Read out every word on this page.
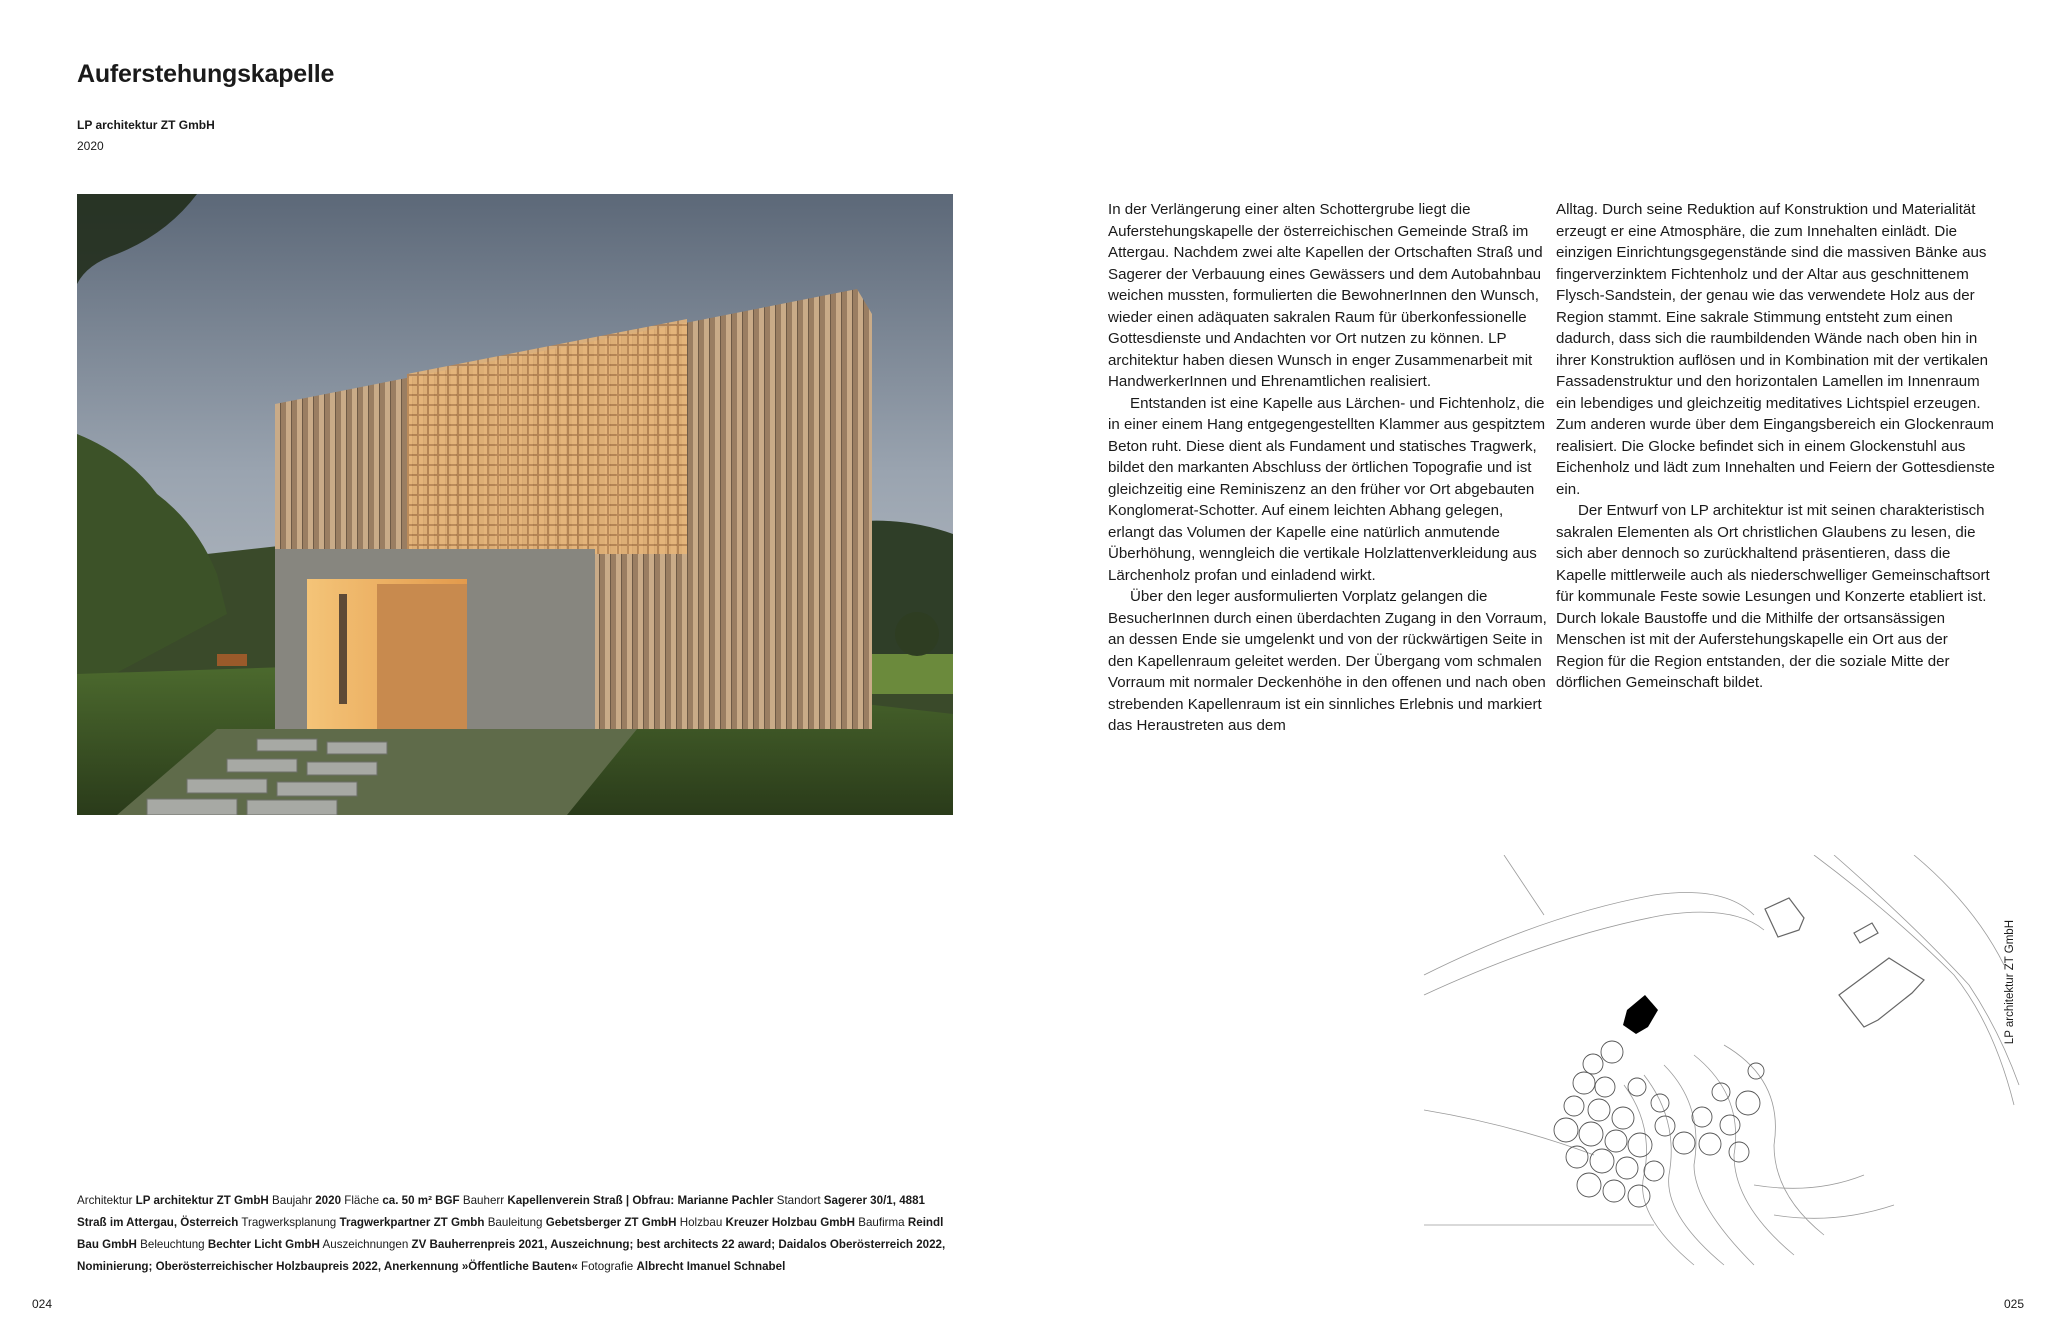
Auferstehungskapelle
LP architektur ZT GmbH
2020
Architektur LP architektur ZT GmbH Baujahr 2020 Fläche ca. 50 m² BGF Bauherr Kapellenverein Straß | Obfrau: Marianne Pachler Standort Sagerer 30/1, 4881 Straß im Attergau, Österreich Tragwerksplanung Tragwerkpartner ZT Gmbh Bauleitung Gebetsberger ZT GmbH Holzbau Kreuzer Holzbau GmbH Baufirma Reindl Bau GmbH Beleuchtung Bechter Licht GmbH Auszeichnungen ZV Bauherrenpreis 2021, Auszeichnung; best architects 22 award; Daidalos Oberösterreich 2022, Nominierung; Oberösterreichischer Holzbaupreis 2022, Anerkennung »Öffentliche Bauten« Fotografie Albrecht Imanuel Schnabel
024

In der Verlängerung einer alten Schottergrube liegt die Auferstehungskapelle der österreichischen Gemeinde Straß im Attergau. Nachdem zwei alte Kapellen der Ortschaften Straß und Sagerer der Verbauung eines Gewässers und dem Autobahnbau weichen mussten, formulierten die BewohnerInnen den Wunsch, wieder einen adäquaten sakralen Raum für überkonfessionelle Gottesdienste und Andachten vor Ort nutzen zu können. LP architektur haben diesen Wunsch in enger Zusammenarbeit mit HandwerkerInnen und Ehrenamtlichen realisiert.

Entstanden ist eine Kapelle aus Lärchen- und Fichtenholz, die in einer einem Hang entgegengestellten Klammer aus gespitztem Beton ruht. Diese dient als Fundament und statisches Tragwerk, bildet den markanten Abschluss der örtlichen Topografie und ist gleichzeitig eine Reminiszenz an den früher vor Ort abgebauten Konglomerat-Schotter. Auf einem leichten Abhang gelegen, erlangt das Volumen der Kapelle eine natürlich anmutende Überhöhung, wenngleich die vertikale Holzlattenverkleidung aus Lärchenholz profan und einladend wirkt.

Über den leger ausformulierten Vorplatz gelangen die BesucherInnen durch einen überdachten Zugang in den Vorraum, an dessen Ende sie umgelenkt und von der rückwärtigen Seite in den Kapellenraum geleitet werden. Der Übergang vom schmalen Vorraum mit normaler Deckenhöhe in den offenen und nach oben strebenden Kapellenraum ist ein sinnliches Erlebnis und markiert das Heraustreten aus dem

Alltag. Durch seine Reduktion auf Konstruktion und Materialität erzeugt er eine Atmosphäre, die zum Innehalten einlädt. Die einzigen Einrichtungsgegenstände sind die massiven Bänke aus fingerverzinktem Fichtenholz und der Altar aus geschnittenem Flysch-Sandstein, der genau wie das verwendete Holz aus der Region stammt. Eine sakrale Stimmung entsteht zum einen dadurch, dass sich die raumbildenden Wände nach oben hin in ihrer Konstruktion auflösen und in Kombination mit der vertikalen Fassadenstruktur und den horizontalen Lamellen im Innenraum ein lebendiges und gleichzeitig meditatives Lichtspiel erzeugen. Zum anderen wurde über dem Eingangsbereich ein Glockenraum realisiert. Die Glocke befindet sich in einem Glockenstuhl aus Eichenholz und lädt zum Innehalten und Feiern der Gottesdienste ein.

Der Entwurf von LP architektur ist mit seinen charakteristisch sakralen Elementen als Ort christlichen Glaubens zu lesen, die sich aber dennoch so zurückhaltend präsentieren, dass die Kapelle mittlerweile auch als niederschwelliger Gemeinschaftsort für kommunale Feste sowie Lesungen und Konzerte etabliert ist. Durch lokale Baustoffe und die Mithilfe der ortsansässigen Menschen ist mit der Auferstehungskapelle ein Ort aus der Region für die Region entstanden, der die soziale Mitte der dörflichen Gemeinschaft bildet.

LP architektur ZT GmbH
025
